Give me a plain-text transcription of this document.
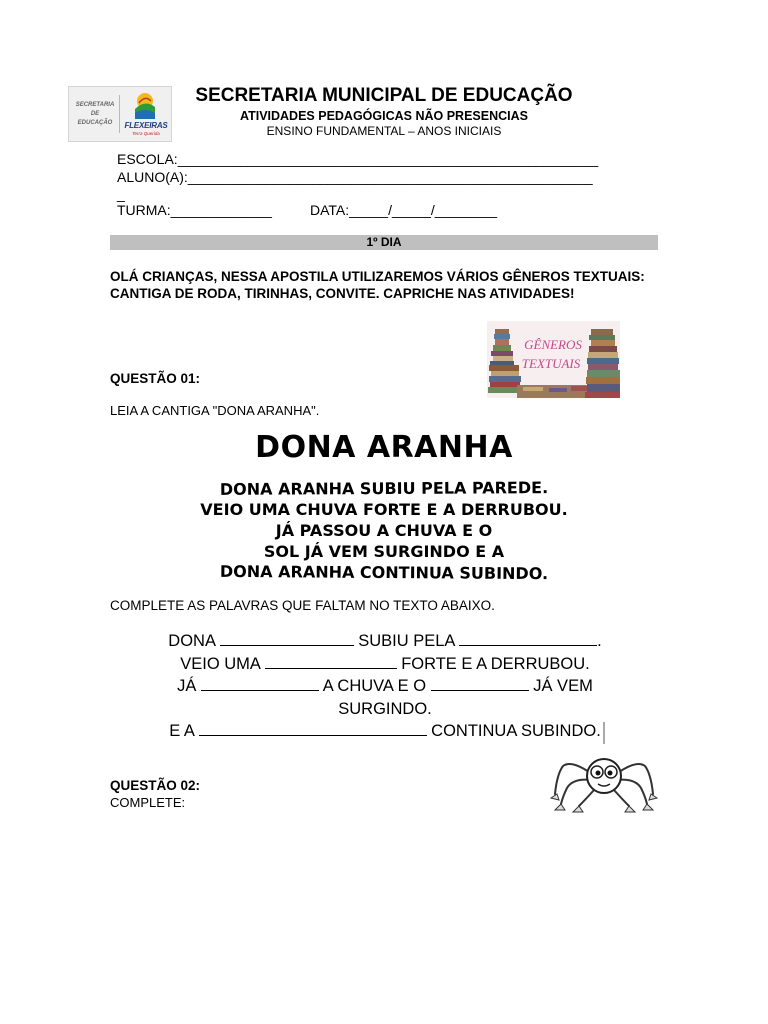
SECRETARIA DE EDUCAÇÃO	FLEXEIRAS
Terra Querida
SECRETARIA MUNICIPAL DE EDUCAÇÃO
ATIVIDADES PEDAGÓGICAS NÃO PRESENCIAS
ENSINO FUNDAMENTAL – ANOS INICIAIS
ESCOLA:______________________________________________________
ALUNO(A):____________________________________________________
_
TURMA:_____________	DATA:_____/_____/________
1º DIA
OLÁ CRIANÇAS, NESSA APOSTILA UTILIZAREMOS VÁRIOS GÊNEROS TEXTUAIS: CANTIGA DE RODA, TIRINHAS, CONVITE. CAPRICHE NAS ATIVIDADES!
GÊNEROS
TEXTUAIS
QUESTÃO 01:
LEIA A CANTIGA "DONA ARANHA".
DONA ARANHA
DONA ARANHA SUBIU PELA PAREDE.
VEIO UMA CHUVA FORTE E A DERRUBOU.
JÁ PASSOU A CHUVA E O
SOL JÁ VEM SURGINDO E A
DONA ARANHA CONTINUA SUBINDO.
COMPLETE AS PALAVRAS QUE FALTAM NO TEXTO ABAIXO.
DONA	SUBIU PELA	.
VEIO UMA	FORTE E A DERRUBOU.
JÁ	A CHUVA E O	JÁ VEM
SURGINDO.
E A	CONTINUA SUBINDO.
QUESTÃO 02:
COMPLETE:
